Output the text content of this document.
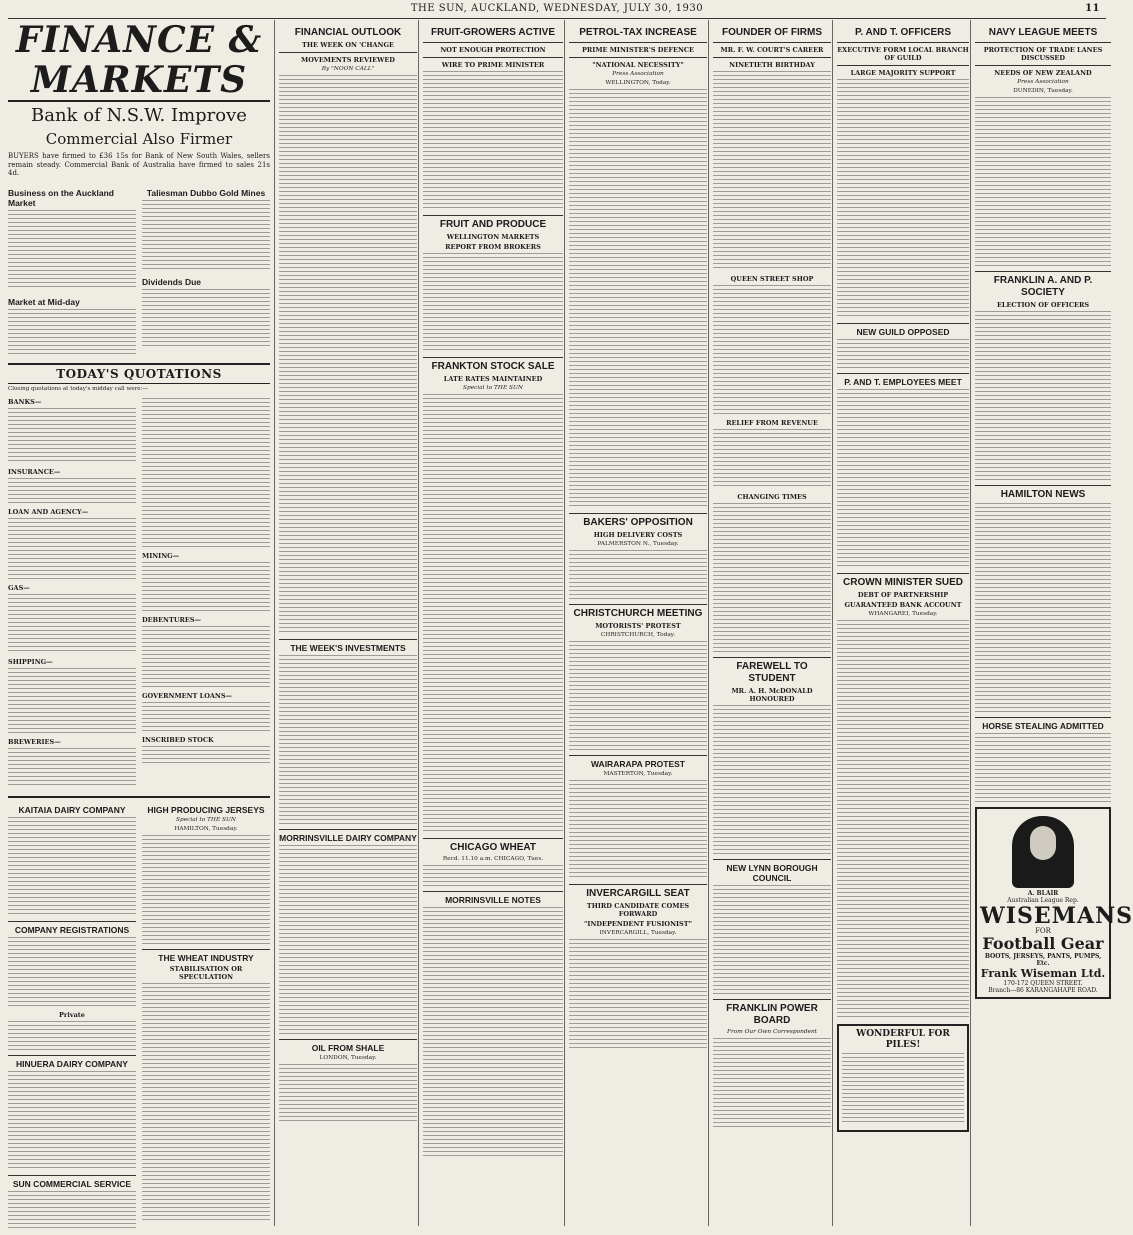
THE SUN, AUCKLAND, WEDNESDAY, JULY 30, 1930	11
FINANCE & MARKETS
Bank of N.S.W. Improve
Commercial Also Firmer
BUYERS have firmed to £36 15s for Bank of New South Wales, sellers remain steady. Commercial Bank of Australia have firmed to sales 21s 4d.
Business on the Auckland Market
Market at Mid-day
Taliesman Dubbo Gold Mines
Dividends Due
TODAY'S QUOTATIONS
Closing quotations at today's midday call were:—
BANKS—
INSURANCE—
LOAN AND AGENCY—
GAS—
SHIPPING—
BREWERIES—
MINING—
DEBENTURES—
GOVERNMENT LOANS—
INSCRIBED STOCK
KAITAIA DAIRY COMPANY
COMPANY REGISTRATIONS
Private
HINUERA DAIRY COMPANY
SUN COMMERCIAL SERVICE
HIGH PRODUCING JERSEYS
Special to THE SUN
HAMILTON, Tuesday.
THE WHEAT INDUSTRY
STABILISATION OR SPECULATION
FINANCIAL OUTLOOK
THE WEEK ON 'CHANGE
MOVEMENTS REVIEWED
By "NOON CALL"
THE WEEK'S INVESTMENTS
MORRINSVILLE DAIRY COMPANY
OIL FROM SHALE
LONDON, Tuesday.
FRUIT-GROWERS ACTIVE
NOT ENOUGH PROTECTION
WIRE TO PRIME MINISTER
FRUIT AND PRODUCE
WELLINGTON MARKETS
REPORT FROM BROKERS
FRANKTON STOCK SALE
LATE RATES MAINTAINED
Special to THE SUN
CHICAGO WHEAT
Recd. 11.10 a.m. CHICAGO, Tues.
MORRINSVILLE NOTES
PETROL-TAX INCREASE
PRIME MINISTER'S DEFENCE
"NATIONAL NECESSITY"
Press Association
WELLINGTON, Today.
BAKERS' OPPOSITION
HIGH DELIVERY COSTS
PALMERSTON N., Tuesday.
CHRISTCHURCH MEETING
MOTORISTS' PROTEST
CHRISTCHURCH, Today.
WAIRARAPA PROTEST
MASTERTON, Tuesday.
INVERCARGILL SEAT
THIRD CANDIDATE COMES FORWARD
"INDEPENDENT FUSIONIST"
INVERCARGILL, Tuesday.
FOUNDER OF FIRMS
MR. F. W. COURT'S CAREER
NINETIETH BIRTHDAY
QUEEN STREET SHOP
RELIEF FROM REVENUE
CHANGING TIMES
FAREWELL TO STUDENT
MR. A. H. McDONALD HONOURED
NEW LYNN BOROUGH COUNCIL
FRANKLIN POWER BOARD
From Our Own Correspondent
P. AND T. OFFICERS
EXECUTIVE FORM LOCAL BRANCH OF GUILD
LARGE MAJORITY SUPPORT
NEW GUILD OPPOSED
P. AND T. EMPLOYEES MEET
CROWN MINISTER SUED
DEBT OF PARTNERSHIP
GUARANTEED BANK ACCOUNT
WHANGAREI, Tuesday.
WONDERFUL FOR PILES!
NAVY LEAGUE MEETS
PROTECTION OF TRADE LANES DISCUSSED
NEEDS OF NEW ZEALAND
Press Association
DUNEDIN, Tuesday.
FRANKLIN A. AND P. SOCIETY
ELECTION OF OFFICERS
HAMILTON NEWS
HORSE STEALING ADMITTED
A. BLAIR
Australian League Rep.
WISEMANS
FOR
Football Gear
BOOTS, JERSEYS, PANTS, PUMPS, Etc.
Frank Wiseman Ltd.
170-172 QUEEN STREET.
Branch—86 KARANGAHAPE ROAD.
